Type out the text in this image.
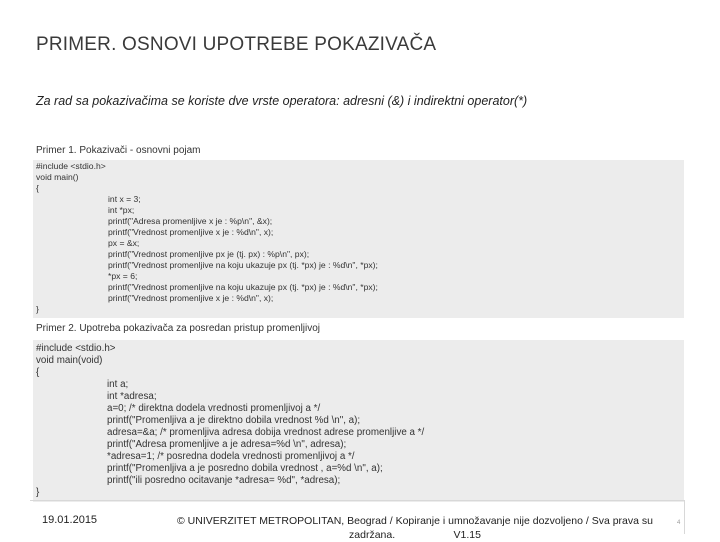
PRIMER. OSNOVI UPOTREBE POKAZIVAČA
Za rad sa pokazivačima se koriste dve vrste operatora: adresni (&) i indirektni operator(*)
Primer 1. Pokazivači - osnovni pojam
#include <stdio.h>
void main()
{
int x = 3;
int *px;
printf("Adresa promenljive x je : %p\n", &x);
printf("Vrednost promenljive x je : %d\n", x);
px = &x;
printf("Vrednost promenljive px je (tj. px) : %p\n", px);
printf("Vrednost promenljive na koju ukazuje px (tj. *px) je : %d\n", *px);
*px = 6;
printf("Vrednost promenljive na koju ukazuje px (tj. *px) je : %d\n", *px);
printf("Vrednost promenljive x je : %d\n", x);
}
Primer 2. Upotreba pokazivača za posredan pristup promenljivoj
#include <stdio.h>
void main(void)
{
int a;
int *adresa;
a=0; /* direktna dodela vrednosti promenljivoj a */
printf("Promenljiva a je direktno dobila vrednost %d \n", a);
adresa=&a; /* promenljiva adresa dobija vrednost adrese promenljive a */
printf("Adresa promenljive a je adresa=%d \n", adresa);
*adresa=1; /* posredna dodela vrednosti promenljivoj a */
printf("Promenljiva a je posredno dobila vrednost , a=%d \n", a);
printf("ili posredno ocitavanje *adresa= %d", *adresa);
}
19.01.2015	© UNIVERZITET METROPOLITAN, Beograd / Kopiranje i umnožavanje nije dozvoljeno / Sva prava su
zadržana.                    V1.15
4
